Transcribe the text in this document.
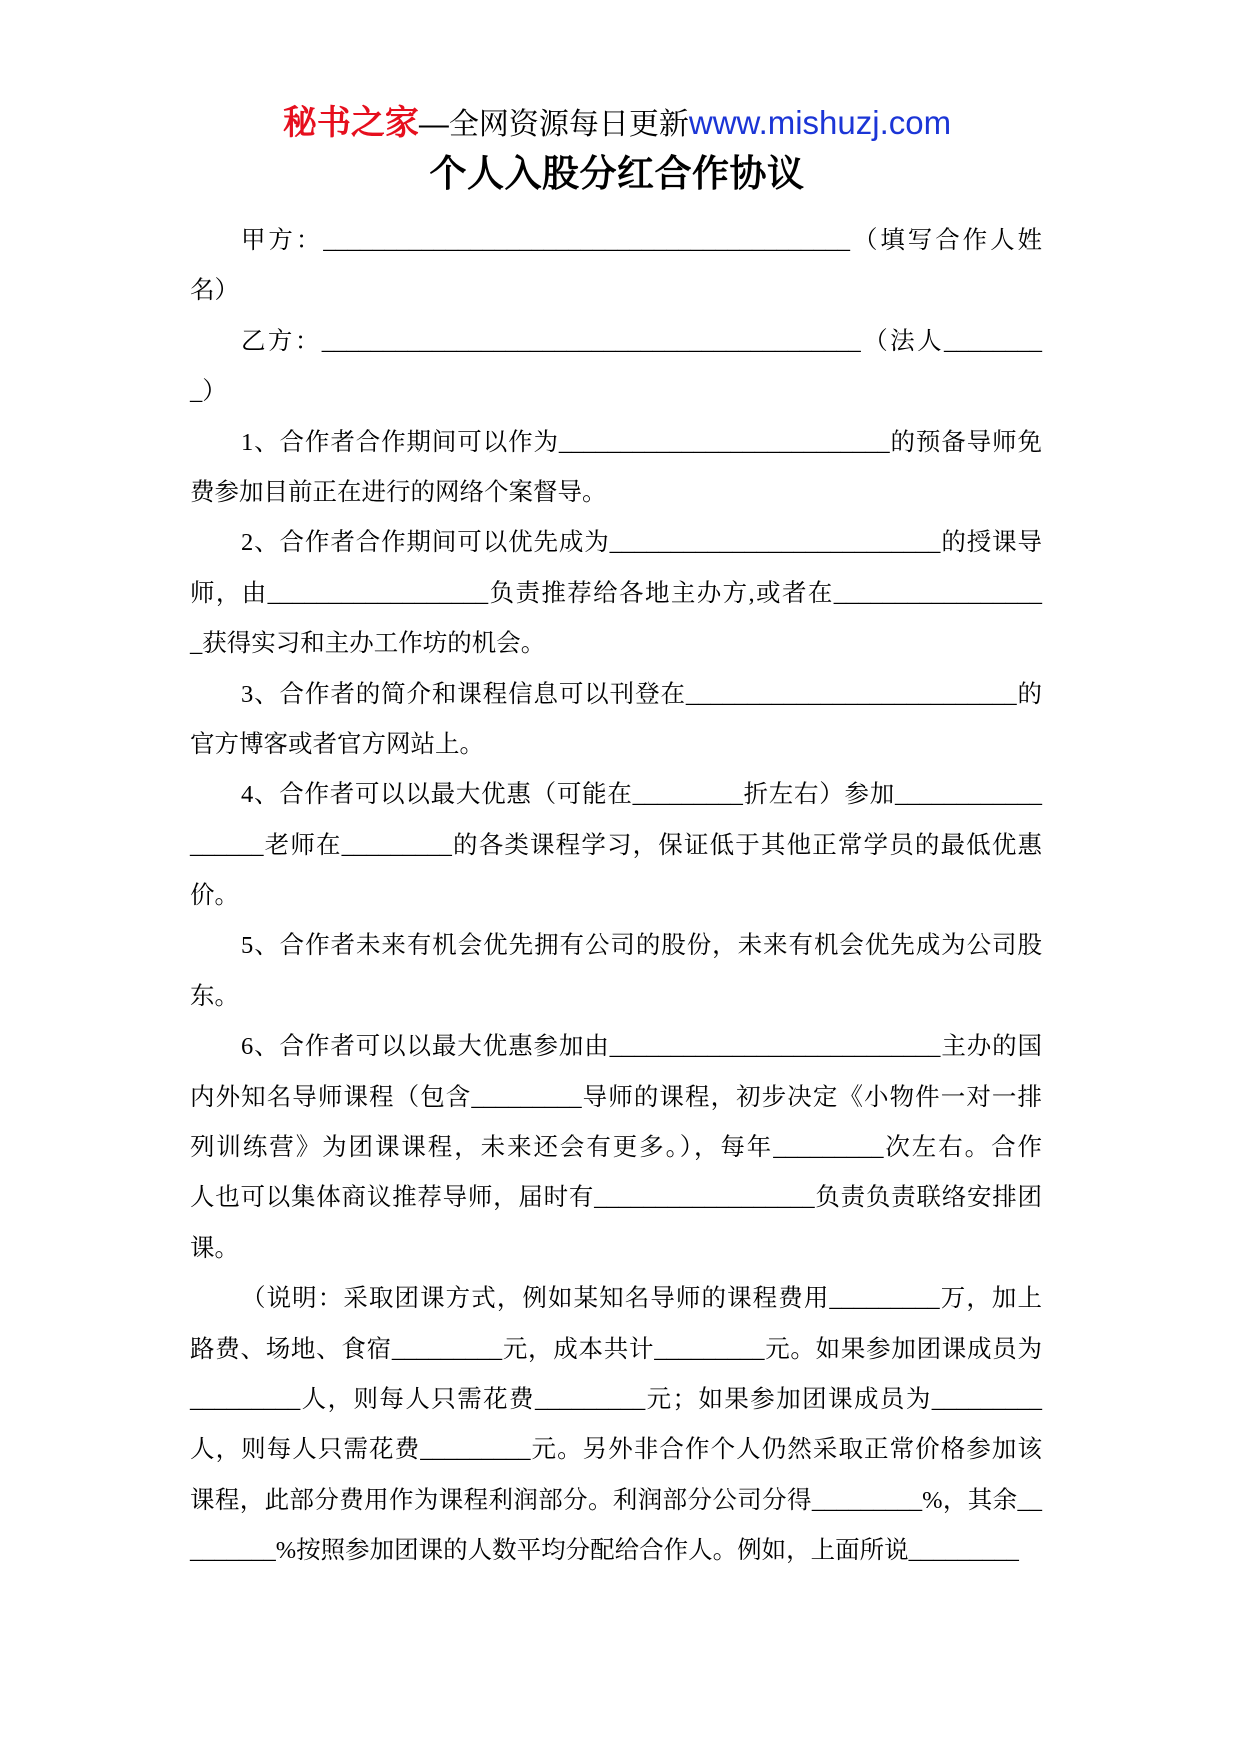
秘书之家—全网资源每日更新www.mishuzj.com
个人入股分红合作协议
甲方：___________________________________________（填写合作人姓
名）
乙方：____________________________________________（法人________
_）
1、合作者合作期间可以作为___________________________的预备导师免
费参加目前正在进行的网络个案督导。
2、合作者合作期间可以优先成为___________________________的授课导
师，由__________________负责推荐给各地主办方,或者在_________________
_获得实习和主办工作坊的机会。
3、合作者的简介和课程信息可以刊登在___________________________的
官方博客或者官方网站上。
4、合作者可以以最大优惠（可能在_________折左右）参加____________
______老师在_________的各类课程学习，保证低于其他正常学员的最低优惠
价。
5、合作者未来有机会优先拥有公司的股份，未来有机会优先成为公司股
东。
6、合作者可以以最大优惠参加由___________________________主办的国
内外知名导师课程（包含_________导师的课程，初步决定《小物件一对一排
列训练营》为团课课程，未来还会有更多。），每年_________次左右。合作
人也可以集体商议推荐导师，届时有__________________负责负责联络安排团
课。
（说明：采取团课方式，例如某知名导师的课程费用_________万，加上
路费、场地、食宿_________元，成本共计_________元。如果参加团课成员为
_________人，则每人只需花费_________元；如果参加团课成员为_________
人，则每人只需花费_________元。另外非合作个人仍然采取正常价格参加该
课程，此部分费用作为课程利润部分。利润部分公司分得_________%，其余__
_______%按照参加团课的人数平均分配给合作人。例如，上面所说_________
